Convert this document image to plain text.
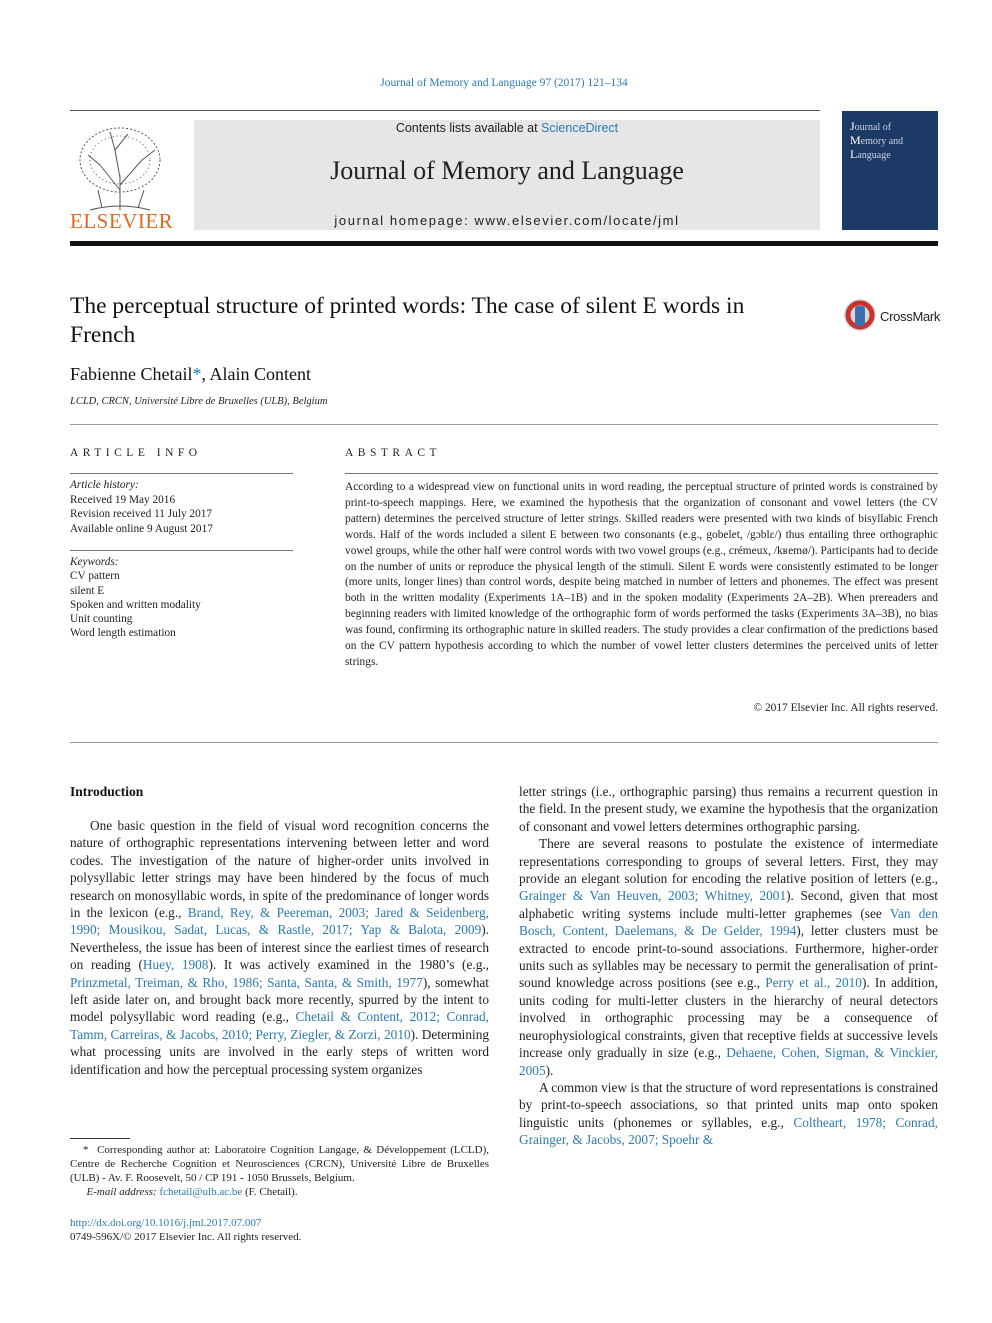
Journal of Memory and Language 97 (2017) 121–134
ELSEVIER
Contents lists available at ScienceDirect
Journal of Memory and Language
journal homepage: www.elsevier.com/locate/jml
Journal of
Memory and
Language
The perceptual structure of printed words: The case of silent E words in French
CrossMark
Fabienne Chetail*, Alain Content
LCLD, CRCN, Université Libre de Bruxelles (ULB), Belgium
ARTICLE INFO
Article history:
Received 19 May 2016
Revision received 11 July 2017
Available online 9 August 2017
Keywords:
CV pattern
silent E
Spoken and written modality
Unit counting
Word length estimation
ABSTRACT
According to a widespread view on functional units in word reading, the perceptual structure of printed words is constrained by print-to-speech mappings. Here, we examined the hypothesis that the organization of consonant and vowel letters (the CV pattern) determines the perceived structure of letter strings. Skilled readers were presented with two kinds of bisyllabic French words. Half of the words included a silent E between two consonants (e.g., gobelet, /gɔblɛ/) thus entailing three orthographic vowel groups, while the other half were control words with two vowel groups (e.g., crémeux, /kʁemø/). Participants had to decide on the number of units or reproduce the physical length of the stimuli. Silent E words were consistently estimated to be longer (more units, longer lines) than control words, despite being matched in number of letters and phonemes. The effect was present both in the written modality (Experiments 1A–1B) and in the spoken modality (Experiments 2A–2B). When prereaders and beginning readers with limited knowledge of the orthographic form of words performed the tasks (Experiments 3A–3B), no bias was found, confirming its orthographic nature in skilled readers. The study provides a clear confirmation of the predictions based on the CV pattern hypothesis according to which the number of vowel letter clusters determines the perceived units of letter strings.
© 2017 Elsevier Inc. All rights reserved.
Introduction

One basic question in the field of visual word recognition concerns the nature of orthographic representations intervening between letter and word codes. The investigation of the nature of higher-order units involved in polysyllabic letter strings may have been hindered by the focus of much research on monosyllabic words, in spite of the predominance of longer words in the lexicon (e.g., Brand, Rey, & Peereman, 2003; Jared & Seidenberg, 1990; Mousikou, Sadat, Lucas, & Rastle, 2017; Yap & Balota, 2009). Nevertheless, the issue has been of interest since the earliest times of research on reading (Huey, 1908). It was actively examined in the 1980’s (e.g., Prinzmetal, Treiman, & Rho, 1986; Santa, Santa, & Smith, 1977), somewhat left aside later on, and brought back more recently, spurred by the intent to model polysyllabic word reading (e.g., Chetail & Content, 2012; Conrad, Tamm, Carreiras, & Jacobs, 2010; Perry, Ziegler, & Zorzi, 2010). Determining what processing units are involved in the early steps of written word identification and how the perceptual processing system organizes

letter strings (i.e., orthographic parsing) thus remains a recurrent question in the field. In the present study, we examine the hypothesis that the organization of consonant and vowel letters determines orthographic parsing.

There are several reasons to postulate the existence of intermediate representations corresponding to groups of several letters. First, they may provide an elegant solution for encoding the relative position of letters (e.g., Grainger & Van Heuven, 2003; Whitney, 2001). Second, given that most alphabetic writing systems include multi-letter graphemes (see Van den Bosch, Content, Daelemans, & De Gelder, 1994), letter clusters must be extracted to encode print-to-sound associations. Furthermore, higher-order units such as syllables may be necessary to permit the generalisation of print-sound knowledge across positions (see e.g., Perry et al., 2010). In addition, units coding for multi-letter clusters in the hierarchy of neural detectors involved in orthographic processing may be a consequence of neurophysiological constraints, given that receptive fields at successive levels increase only gradually in size (e.g., Dehaene, Cohen, Sigman, & Vinckier, 2005).

A common view is that the structure of word representations is constrained by print-to-speech associations, so that printed units map onto spoken linguistic units (phonemes or syllables, e.g., Coltheart, 1978; Conrad, Grainger, & Jacobs, 2007; Spoehr &

* Corresponding author at: Laboratoire Cognition Langage, & Développement (LCLD), Centre de Recherche Cognition et Neurosciences (CRCN), Université Libre de Bruxelles (ULB) - Av. F. Roosevelt, 50 / CP 191 - 1050 Brussels, Belgium.
E-mail address: fchetail@ulb.ac.be (F. Chetail).
http://dx.doi.org/10.1016/j.jml.2017.07.007
0749-596X/© 2017 Elsevier Inc. All rights reserved.
